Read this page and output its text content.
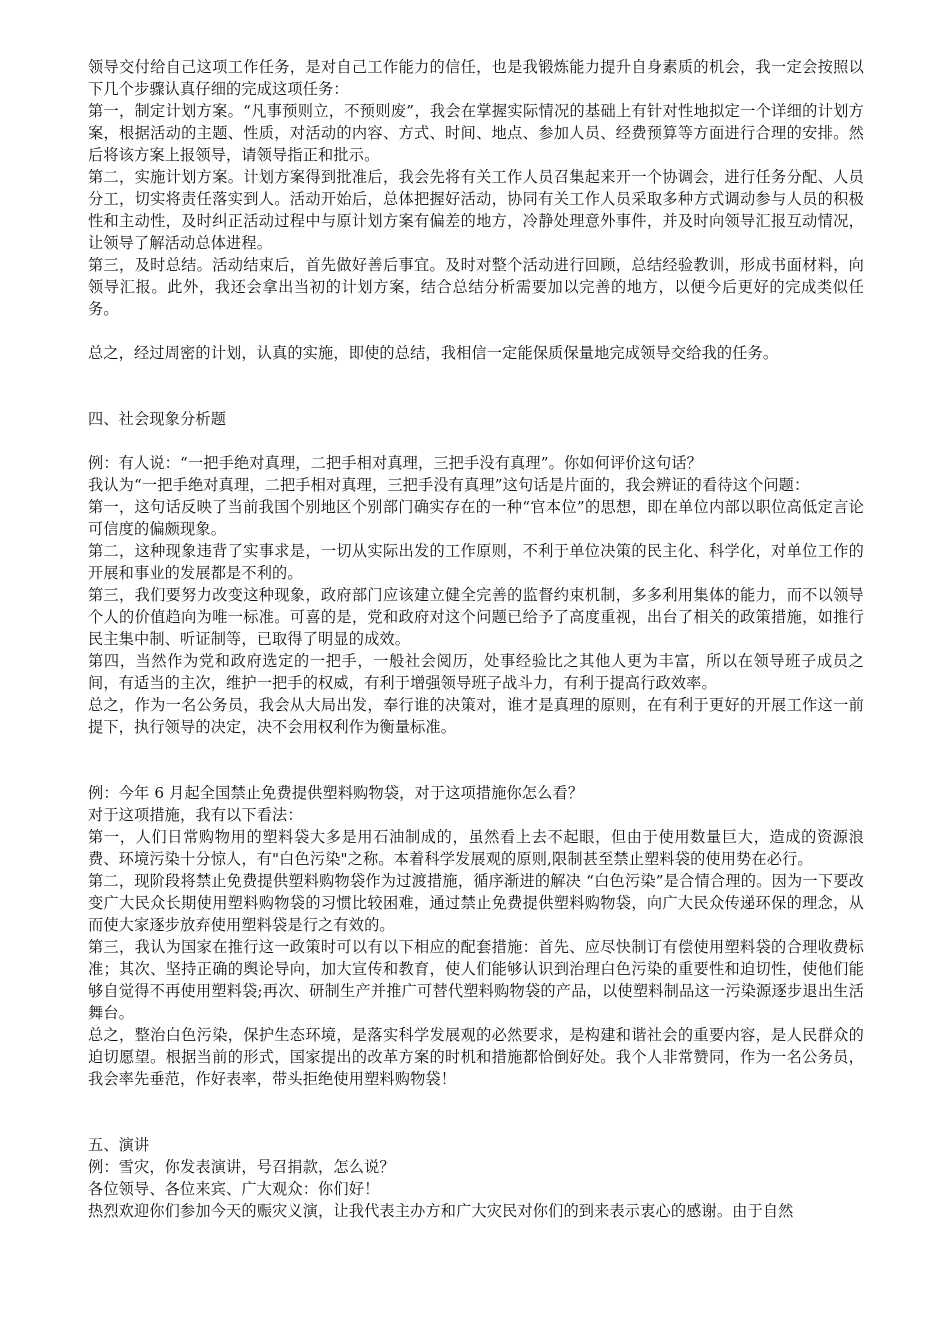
领导交付给自己这项工作任务，是对自己工作能力的信任，也是我锻炼能力提升自身素质的机会，我一定会按照以下几个步骤认真仔细的完成这项任务：

第一，制定计划方案。“凡事预则立，不预则废”，我会在掌握实际情况的基础上有针对性地拟定一个详细的计划方案，根据活动的主题、性质，对活动的内容、方式、时间、地点、参加人员、经费预算等方面进行合理的安排。然后将该方案上报领导，请领导指正和批示。

第二，实施计划方案。计划方案得到批准后，我会先将有关工作人员召集起来开一个协调会，进行任务分配、人员分工，切实将责任落实到人。活动开始后，总体把握好活动，协同有关工作人员采取多种方式调动参与人员的积极性和主动性，及时纠正活动过程中与原计划方案有偏差的地方，冷静处理意外事件，并及时向领导汇报互动情况，让领导了解活动总体进程。

第三，及时总结。活动结束后，首先做好善后事宜。及时对整个活动进行回顾，总结经验教训，形成书面材料，向领导汇报。此外，我还会拿出当初的计划方案，结合总结分析需要加以完善的地方，以便今后更好的完成类似任务。

总之，经过周密的计划，认真的实施，即使的总结，我相信一定能保质保量地完成领导交给我的任务。

四、社会现象分析题

例：有人说：“一把手绝对真理，二把手相对真理，三把手没有真理”。你如何评价这句话？

我认为“一把手绝对真理，二把手相对真理，三把手没有真理”这句话是片面的，我会辨证的看待这个问题：

第一，这句话反映了当前我国个别地区个别部门确实存在的一种“官本位”的思想，即在单位内部以职位高低定言论可信度的偏颇现象。

第二，这种现象违背了实事求是，一切从实际出发的工作原则，不利于单位决策的民主化、科学化，对单位工作的开展和事业的发展都是不利的。

第三，我们要努力改变这种现象，政府部门应该建立健全完善的监督约束机制，多多利用集体的能力，而不以领导个人的价值趋向为唯一标准。可喜的是，党和政府对这个问题已给予了高度重视，出台了相关的政策措施，如推行民主集中制、听证制等，已取得了明显的成效。

第四，当然作为党和政府选定的一把手，一般社会阅历，处事经验比之其他人更为丰富，所以在领导班子成员之间，有适当的主次，维护一把手的权威，有利于增强领导班子战斗力，有利于提高行政效率。

总之，作为一名公务员，我会从大局出发，奉行谁的决策对，谁才是真理的原则，在有利于更好的开展工作这一前提下，执行领导的决定，决不会用权利作为衡量标准。

例：今年 6 月起全国禁止免费提供塑料购物袋，对于这项措施你怎么看？

对于这项措施，我有以下看法：

第一，人们日常购物用的塑料袋大多是用石油制成的，虽然看上去不起眼，但由于使用数量巨大，造成的资源浪费、环境污染十分惊人，有"白色污染"之称。本着科学发展观的原则,限制甚至禁止塑料袋的使用势在必行。

第二，现阶段将禁止免费提供塑料购物袋作为过渡措施，循序渐进的解决 “白色污染”是合情合理的。因为一下要改变广大民众长期使用塑料购物袋的习惯比较困难，通过禁止免费提供塑料购物袋，向广大民众传递环保的理念，从而使大家逐步放弃使用塑料袋是行之有效的。

第三，我认为国家在推行这一政策时可以有以下相应的配套措施：首先、应尽快制订有偿使用塑料袋的合理收费标准；其次、坚持正确的舆论导向，加大宣传和教育，使人们能够认识到治理白色污染的重要性和迫切性，使他们能够自觉得不再使用塑料袋;再次、研制生产并推广可替代塑料购物袋的产品，以使塑料制品这一污染源逐步退出生活舞台。

总之，整治白色污染，保护生态环境，是落实科学发展观的必然要求，是构建和谐社会的重要内容，是人民群众的迫切愿望。根据当前的形式，国家提出的改革方案的时机和措施都恰倒好处。我个人非常赞同，作为一名公务员，我会率先垂范，作好表率，带头拒绝使用塑料购物袋！

五、演讲

例：雪灾，你发表演讲，号召捐款，怎么说？

各位领导、各位来宾、广大观众：你们好！

热烈欢迎你们参加今天的赈灾义演，让我代表主办方和广大灾民对你们的到来表示衷心的感谢。由于自然
